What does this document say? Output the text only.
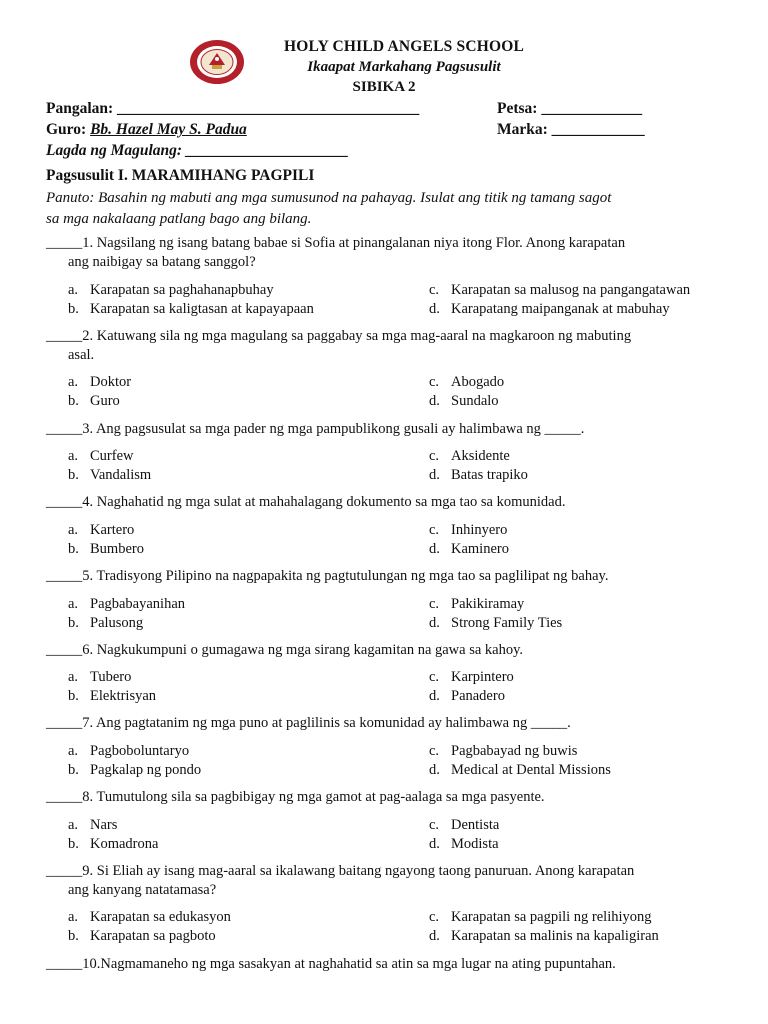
HOLY CHILD ANGELS SCHOOL
Ikaapat Markahang Pagsusulit
SIBIKA 2
Pangalan: _______________________________________	Petsa: _____________
Guro: Bb. Hazel May S. Padua	Marka: ____________
Lagda ng Magulang: _____________________
Pagsusulit I. MARAMIHANG PAGPILI
Panuto: Basahin ng mabuti ang mga sumusunod na pahayag. Isulat ang titik ng tamang sagot
sa mga nakalaang patlang bago ang bilang.
_____1. Nagsilang ng isang batang babae si Sofia at pinangalanan niya itong Flor. Anong karapatan
ang naibigay sa batang sanggol?
a. Karapatan sa paghahanapbuhay
b. Karapatan sa kaligtasan at kapayapaan
c. Karapatan sa malusog na pangangatawan
d. Karapatang maipanganak at mabuhay
_____2. Katuwang sila ng mga magulang sa paggabay sa mga mag-aaral na magkaroon ng mabuting
asal.
a. Doktor
b. Guro
c. Abogado
d. Sundalo
_____3. Ang pagsusulat sa mga pader ng mga pampublikong gusali ay halimbawa ng _____.
a. Curfew
b. Vandalism
c. Aksidente
d. Batas trapiko
_____4. Naghahatid ng mga sulat at mahahalagang dokumento sa mga tao sa komunidad.
a. Kartero
b. Bumbero
c. Inhinyero
d. Kaminero
_____5. Tradisyong Pilipino na nagpapakita ng pagtutulungan ng mga tao sa paglilipat ng bahay.
a. Pagbabayanihan
b. Palusong
c. Pakikiramay
d. Strong Family Ties
_____6. Nagkukumpuni o gumagawa ng mga sirang kagamitan na gawa sa kahoy.
a. Tubero
b. Elektrisyan
c. Karpintero
d. Panadero
_____7. Ang pagtatanim ng mga puno at paglilinis sa komunidad ay halimbawa ng _____.
a. Pagboboluntaryo
b. Pagkalap ng pondo
c. Pagbabayad ng buwis
d. Medical at Dental Missions
_____8. Tumutulong sila sa pagbibigay ng mga gamot at pag-aalaga sa mga pasyente.
a. Nars
b. Komadrona
c. Dentista
d. Modista
_____9. Si Eliah ay isang mag-aaral sa ikalawang baitang ngayong taong panuruan. Anong karapatan
ang kanyang natatamasa?
a. Karapatan sa edukasyon
b. Karapatan sa pagboto
c. Karapatan sa pagpili ng relihiyong
d. Karapatan sa malinis na kapaligiran
_____10.Nagmamaneho ng mga sasakyan at naghahatid sa atin sa mga lugar na ating pupuntahan.
